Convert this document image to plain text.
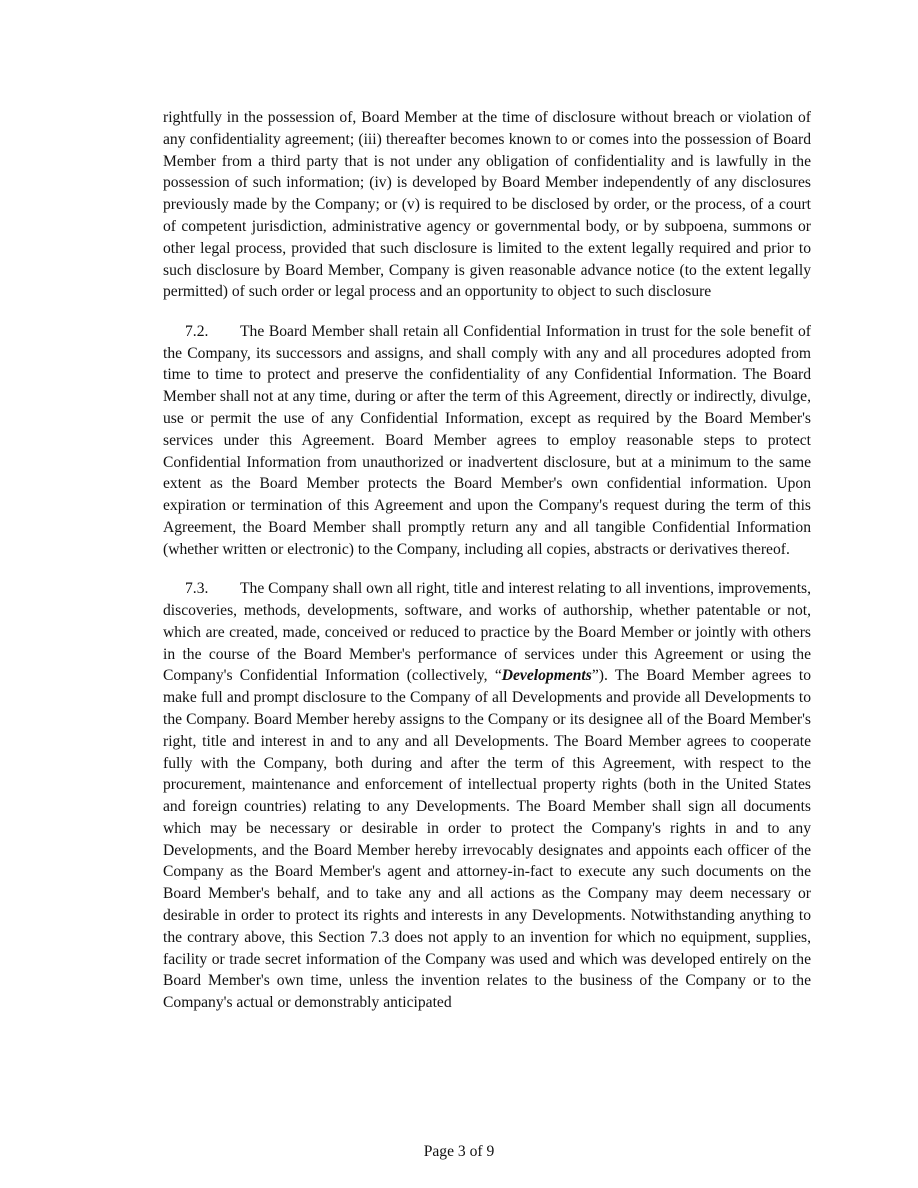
rightfully in the possession of, Board Member at the time of disclosure without breach or violation of any confidentiality agreement; (iii) thereafter becomes known to or comes into the possession of Board Member from a third party that is not under any obligation of confidentiality and is lawfully in the possession of such information; (iv) is developed by Board Member independently of any disclosures previously made by the Company; or (v) is required to be disclosed by order, or the process, of a court of competent jurisdiction, administrative agency or governmental body, or by subpoena, summons or other legal process, provided that such disclosure is limited to the extent legally required and prior to such disclosure by Board Member, Company is given reasonable advance notice (to the extent legally permitted) of such order or legal process and an opportunity to object to such disclosure

7.2. The Board Member shall retain all Confidential Information in trust for the sole benefit of the Company, its successors and assigns, and shall comply with any and all procedures adopted from time to time to protect and preserve the confidentiality of any Confidential Information. The Board Member shall not at any time, during or after the term of this Agreement, directly or indirectly, divulge, use or permit the use of any Confidential Information, except as required by the Board Member's services under this Agreement. Board Member agrees to employ reasonable steps to protect Confidential Information from unauthorized or inadvertent disclosure, but at a minimum to the same extent as the Board Member protects the Board Member's own confidential information. Upon expiration or termination of this Agreement and upon the Company's request during the term of this Agreement, the Board Member shall promptly return any and all tangible Confidential Information (whether written or electronic) to the Company, including all copies, abstracts or derivatives thereof.

7.3. The Company shall own all right, title and interest relating to all inventions, improvements, discoveries, methods, developments, software, and works of authorship, whether patentable or not, which are created, made, conceived or reduced to practice by the Board Member or jointly with others in the course of the Board Member's performance of services under this Agreement or using the Company's Confidential Information (collectively, “Developments”). The Board Member agrees to make full and prompt disclosure to the Company of all Developments and provide all Developments to the Company. Board Member hereby assigns to the Company or its designee all of the Board Member's right, title and interest in and to any and all Developments. The Board Member agrees to cooperate fully with the Company, both during and after the term of this Agreement, with respect to the procurement, maintenance and enforcement of intellectual property rights (both in the United States and foreign countries) relating to any Developments. The Board Member shall sign all documents which may be necessary or desirable in order to protect the Company's rights in and to any Developments, and the Board Member hereby irrevocably designates and appoints each officer of the Company as the Board Member's agent and attorney-in-fact to execute any such documents on the Board Member's behalf, and to take any and all actions as the Company may deem necessary or desirable in order to protect its rights and interests in any Developments. Notwithstanding anything to the contrary above, this Section 7.3 does not apply to an invention for which no equipment, supplies, facility or trade secret information of the Company was used and which was developed entirely on the Board Member's own time, unless the invention relates to the business of the Company or to the Company's actual or demonstrably anticipated

Page 3 of 9
